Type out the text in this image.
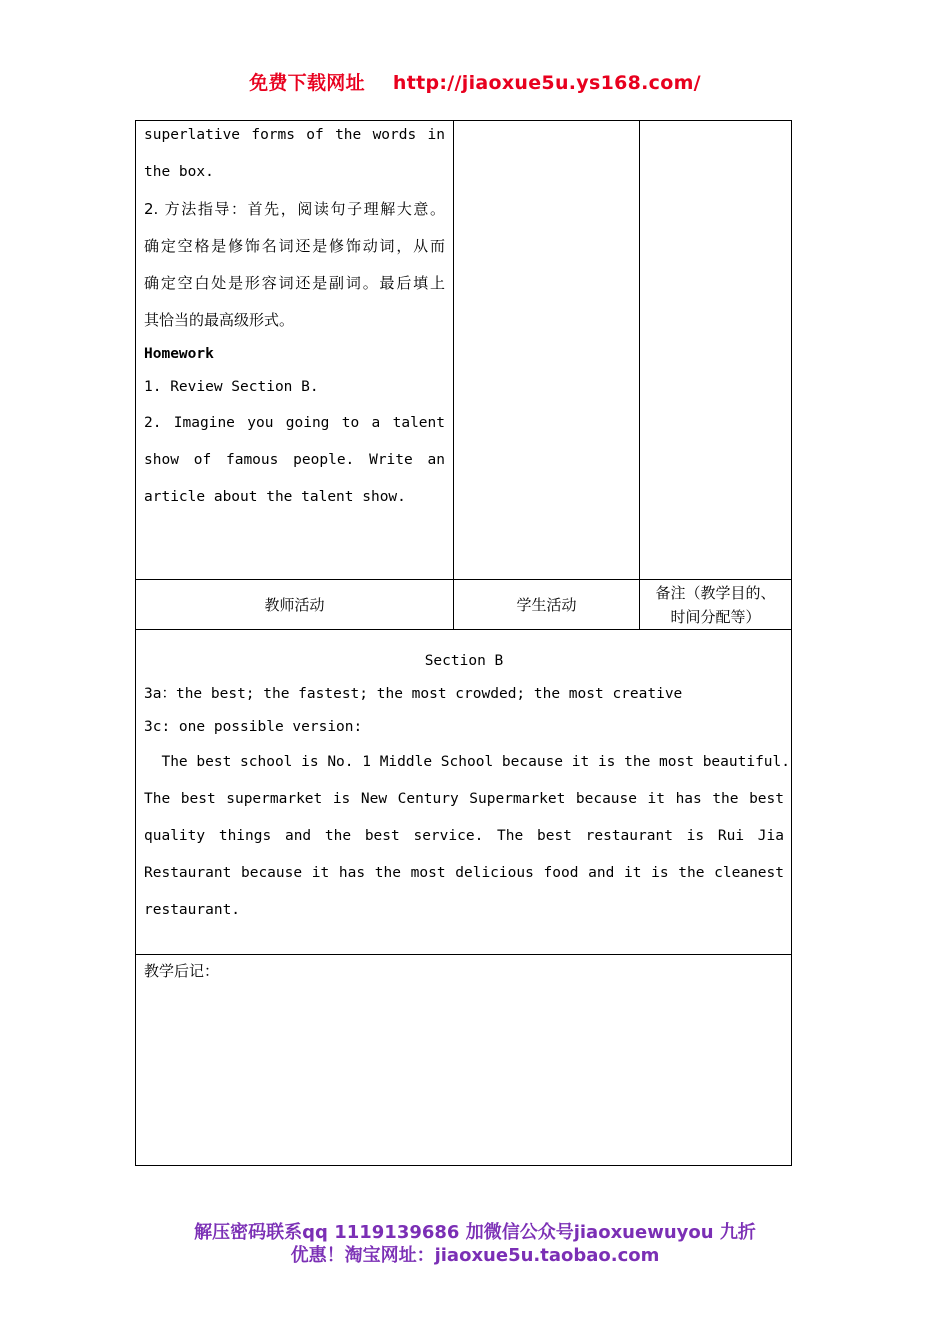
免费下载网址 http://jiaoxue5u.ys168.com/

superlative forms of the words in

the box.

2. 方法指导：首先，阅读句子理解大意。

确定空格是修饰名词还是修饰动词，从而

确定空白处是形容词还是副词。最后填上

其恰当的最高级形式。

Homework

1. Review Section B.

2. Imagine you going to a talent

show of famous people. Write an

article about the talent show.

教师活动	学生活动
备注（教学目的、
时间分配等）

Section B

3a：the best; the fastest; the most crowded; the most creative

3c: one possible version:

The best school is No. 1 Middle School because it is the most beautiful.

The best supermarket is New Century Supermarket because it has the best

quality things and the best service. The best restaurant is Rui Jia

Restaurant because it has the most delicious food and it is the cleanest

restaurant.

教学后记：
解压密码联系qq 1119139686 加微信公众号jiaoxuewuyou 九折
优惠！淘宝网址：jiaoxue5u.taobao.com
